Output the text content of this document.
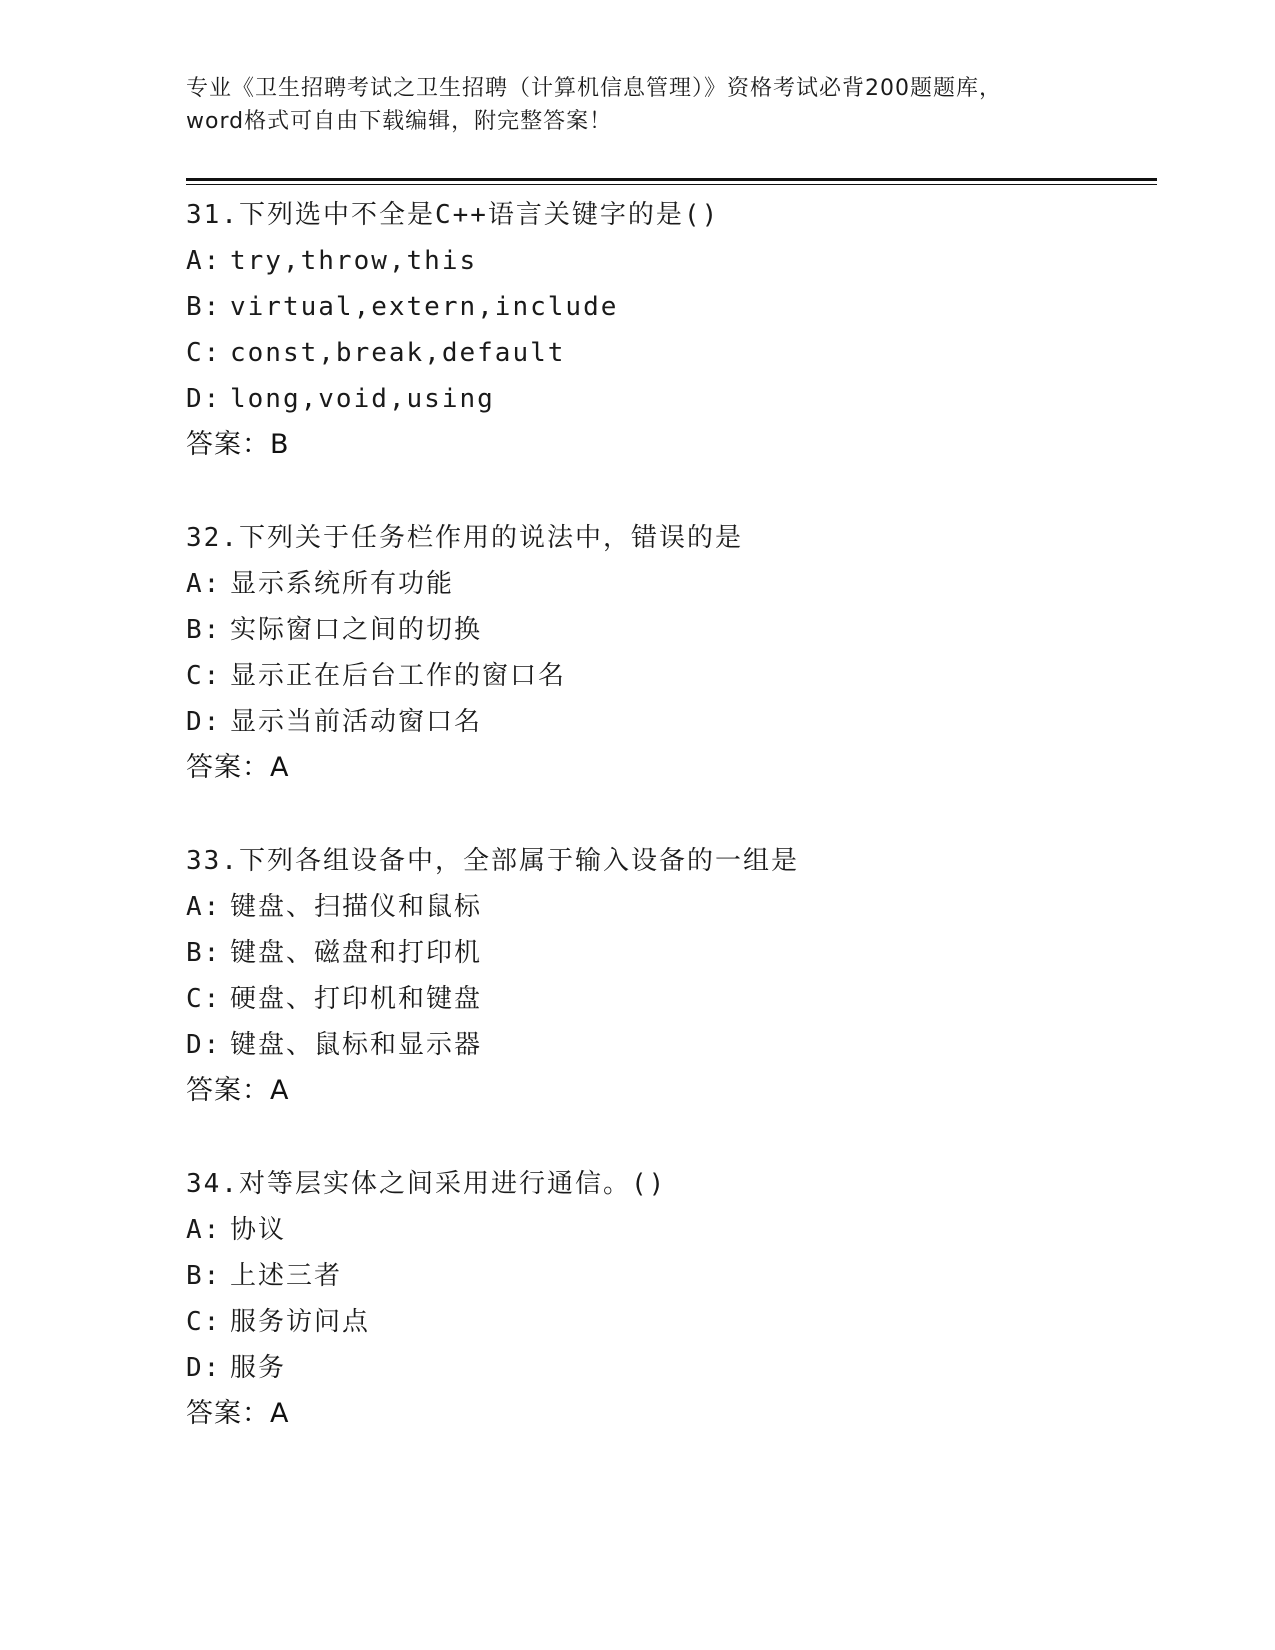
专业《卫生招聘考试之卫生招聘（计算机信息管理）》资格考试必背200题题库，
word格式可自由下载编辑，附完整答案！
31.下列选中不全是C++语言关键字的是()
A: try,throw,this
B: virtual,extern,include
C: const,break,default
D: long,void,using
答案：B
32.下列关于任务栏作用的说法中，错误的是
A: 显示系统所有功能
B: 实际窗口之间的切换
C: 显示正在后台工作的窗口名
D: 显示当前活动窗口名
答案：A
33.下列各组设备中，全部属于输入设备的一组是
A: 键盘、扫描仪和鼠标
B: 键盘、磁盘和打印机
C: 硬盘、打印机和键盘
D: 键盘、鼠标和显示器
答案：A
34.对等层实体之间采用进行通信。()
A: 协议
B: 上述三者
C: 服务访问点
D: 服务
答案：A
